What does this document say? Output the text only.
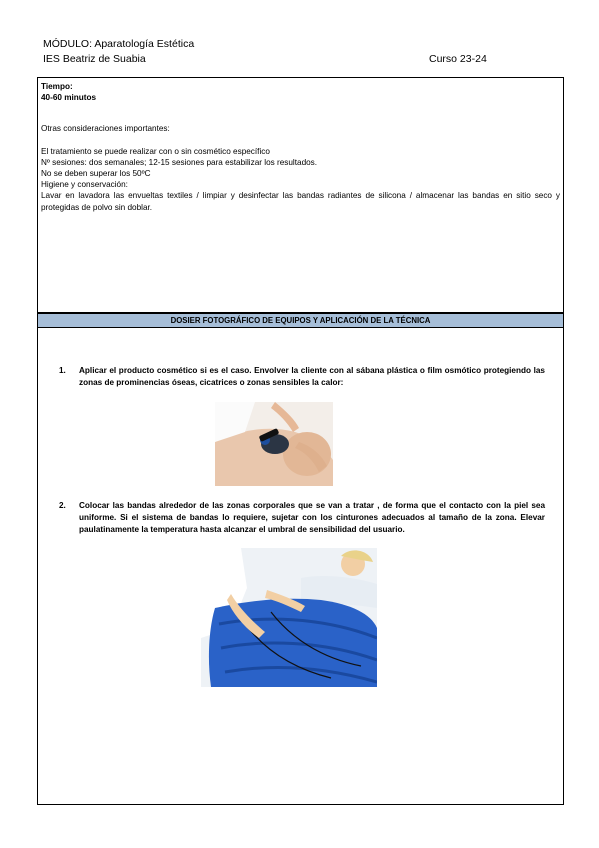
MÓDULO: Aparatología Estética
IES Beatriz de Suabia	Curso 23-24

Tiempo:

40-60 minutos

Otras consideraciones importantes:

El tratamiento se puede realizar con o sin cosmético específico

Nº sesiones: dos semanales; 12-15 sesiones para estabilizar los resultados.

No se deben superar los 50ºC

Higiene y conservación:

Lavar en lavadora las envueltas textiles / limpiar y desinfectar las bandas radiantes de silicona / almacenar las bandas en sitio seco y protegidas de polvo sin doblar.

DOSIER FOTOGRÁFICO DE EQUIPOS Y APLICACIÓN DE LA TÉCNICA
1. Aplicar el producto cosmético si es el caso. Envolver la cliente con al sábana plástica o film osmótico protegiendo las zonas de prominencias óseas, cicatrices o zonas sensibles la calor:
2. Colocar las bandas alrededor de las zonas corporales que se van a tratar , de forma que el contacto con la piel sea uniforme. Si el sistema de bandas lo requiere, sujetar con los cinturones adecuados al tamaño de la zona. Elevar paulatinamente la temperatura hasta alcanzar el umbral de sensibilidad del usuario.
